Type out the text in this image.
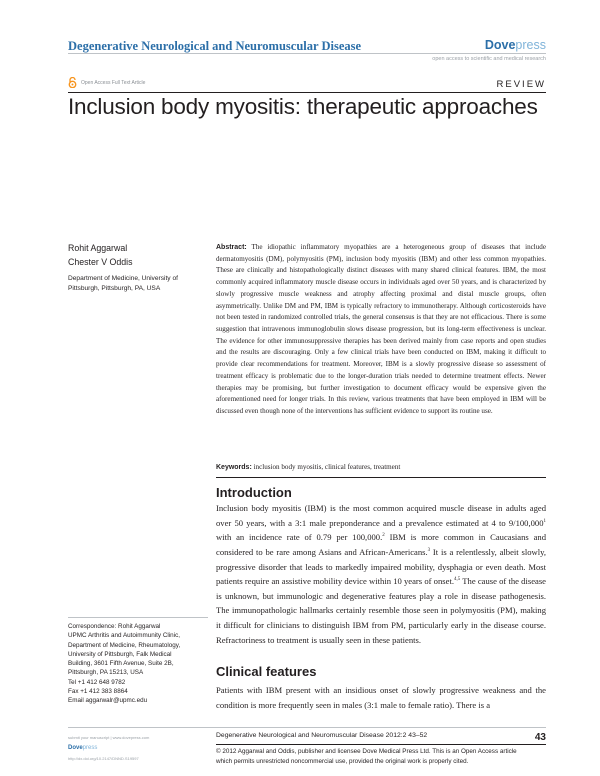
Degenerative Neurological and Neuromuscular Disease	Dovepress
open access to scientific and medical research
Open Access Full Text Article	REVIEW
Inclusion body myositis: therapeutic approaches
Rohit Aggarwal
Chester V Oddis
Department of Medicine, University of Pittsburgh, Pittsburgh, PA, USA
Abstract: The idiopathic inflammatory myopathies are a heterogeneous group of diseases that include dermatomyositis (DM), polymyositis (PM), inclusion body myositis (IBM) and other less common myopathies. These are clinically and histopathologically distinct diseases with many shared clinical features. IBM, the most commonly acquired inflammatory muscle disease occurs in individuals aged over 50 years, and is characterized by slowly progressive muscle weakness and atrophy affecting proximal and distal muscle groups, often asymmetrically. Unlike DM and PM, IBM is typically refractory to immunotherapy. Although corticosteroids have not been tested in randomized controlled trials, the general consensus is that they are not efficacious. There is some suggestion that intravenous immunoglobulin slows disease progression, but its long-term effectiveness is unclear. The evidence for other immunosuppressive therapies has been derived mainly from case reports and open studies and the results are discouraging. Only a few clinical trials have been conducted on IBM, making it difficult to provide clear recommendations for treatment. Moreover, IBM is a slowly progressive disease so assessment of treatment efficacy is problematic due to the longer-duration trials needed to determine treatment effects. Newer therapies may be promising, but further investigation to document efficacy would be expensive given the aforementioned need for longer trials. In this review, various treatments that have been employed in IBM will be discussed even though none of the interventions has sufficient evidence to support its routine use.
Keywords: inclusion body myositis, clinical features, treatment
Introduction
Inclusion body myositis (IBM) is the most common acquired muscle disease in adults aged over 50 years, with a 3:1 male preponderance and a prevalence estimated at 4 to 9/100,000$^1$ with an incidence rate of 0.79 per 100,000.$^2$ IBM is more common in Caucasians and considered to be rare among Asians and African-Americans.$^3$ It is a relentlessly, albeit slowly, progressive disorder that leads to markedly impaired mobility, dysphagia or even death. Most patients require an assistive mobility device within 10 years of onset.$^{4,5}$ The cause of the disease is unknown, but immunologic and degenerative features play a role in disease pathogenesis. The immunopathologic hallmarks certainly resemble those seen in polymyositis (PM), making it difficult for clinicians to distinguish IBM from PM, particularly early in the disease course. Refractoriness to treatment is usually seen in these patients.
Clinical features
Patients with IBM present with an insidious onset of slowly progressive weakness and the condition is more frequently seen in males (3:1 male to female ratio). There is a
Correspondence: Rohit Aggarwal
UPMC Arthritis and Autoimmunity Clinic,
Department of Medicine, Rheumatology,
University of Pittsburgh, Falk Medical
Building, 3601 Fifth Avenue, Suite 2B,
Pittsburgh, PA 15213, USA
Tel +1 412 648 9782
Fax +1 412 383 8864
Email aggarwalr@upmc.edu
submit your manuscript | www.dovepress.com
Dovepress
http://dx.doi.org/10.2147/DNND.S19597
Degenerative Neurological and Neuromuscular Disease 2012:2 43–52	43
© 2012 Aggarwal and Oddis, publisher and licensee Dove Medical Press Ltd. This is an Open Access article
which permits unrestricted noncommercial use, provided the original work is properly cited.
